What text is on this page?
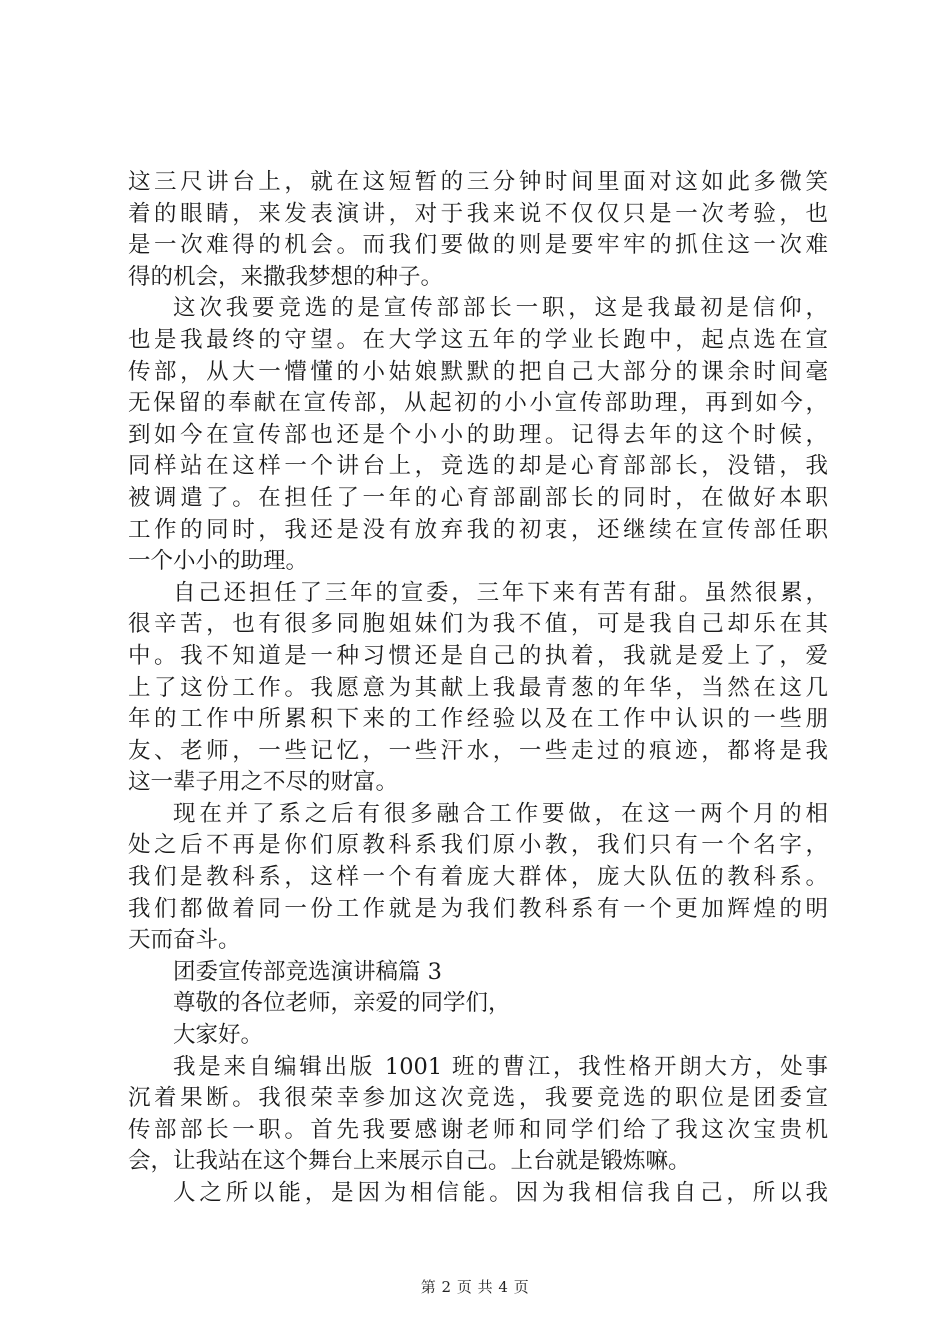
这三尺讲台上，就在这短暂的三分钟时间里面对这如此多微笑
着的眼睛，来发表演讲，对于我来说不仅仅只是一次考验，也
是一次难得的机会。而我们要做的则是要牢牢的抓住这一次难
得的机会，来撒我梦想的种子。
这次我要竞选的是宣传部部长一职，这是我最初是信仰，
也是我最终的守望。在大学这五年的学业长跑中，起点选在宣
传部，从大一懵懂的小姑娘默默的把自己大部分的课余时间毫
无保留的奉献在宣传部，从起初的小小宣传部助理，再到如今，
到如今在宣传部也还是个小小的助理。记得去年的这个时候，
同样站在这样一个讲台上，竞选的却是心育部部长，没错，我
被调遣了。在担任了一年的心育部副部长的同时，在做好本职
工作的同时，我还是没有放弃我的初衷，还继续在宣传部任职
一个小小的助理。
自己还担任了三年的宣委，三年下来有苦有甜。虽然很累，
很辛苦，也有很多同胞姐妹们为我不值，可是我自己却乐在其
中。我不知道是一种习惯还是自己的执着，我就是爱上了，爱
上了这份工作。我愿意为其献上我最青葱的年华，当然在这几
年的工作中所累积下来的工作经验以及在工作中认识的一些朋
友、老师，一些记忆，一些汗水，一些走过的痕迹，都将是我
这一辈子用之不尽的财富。
现在并了系之后有很多融合工作要做，在这一两个月的相
处之后不再是你们原教科系我们原小教，我们只有一个名字，
我们是教科系，这样一个有着庞大群体，庞大队伍的教科系。
我们都做着同一份工作就是为我们教科系有一个更加辉煌的明
天而奋斗。
团委宣传部竞选演讲稿篇 3
尊敬的各位老师，亲爱的同学们，
大家好。
我是来自编辑出版 1001 班的曹江，我性格开朗大方，处事
沉着果断。我很荣幸参加这次竞选，我要竞选的职位是团委宣
传部部长一职。首先我要感谢老师和同学们给了我这次宝贵机
会，让我站在这个舞台上来展示自己。上台就是锻炼嘛。
人之所以能，是因为相信能。因为我相信我自己，所以我
第 2 页 共 4 页
